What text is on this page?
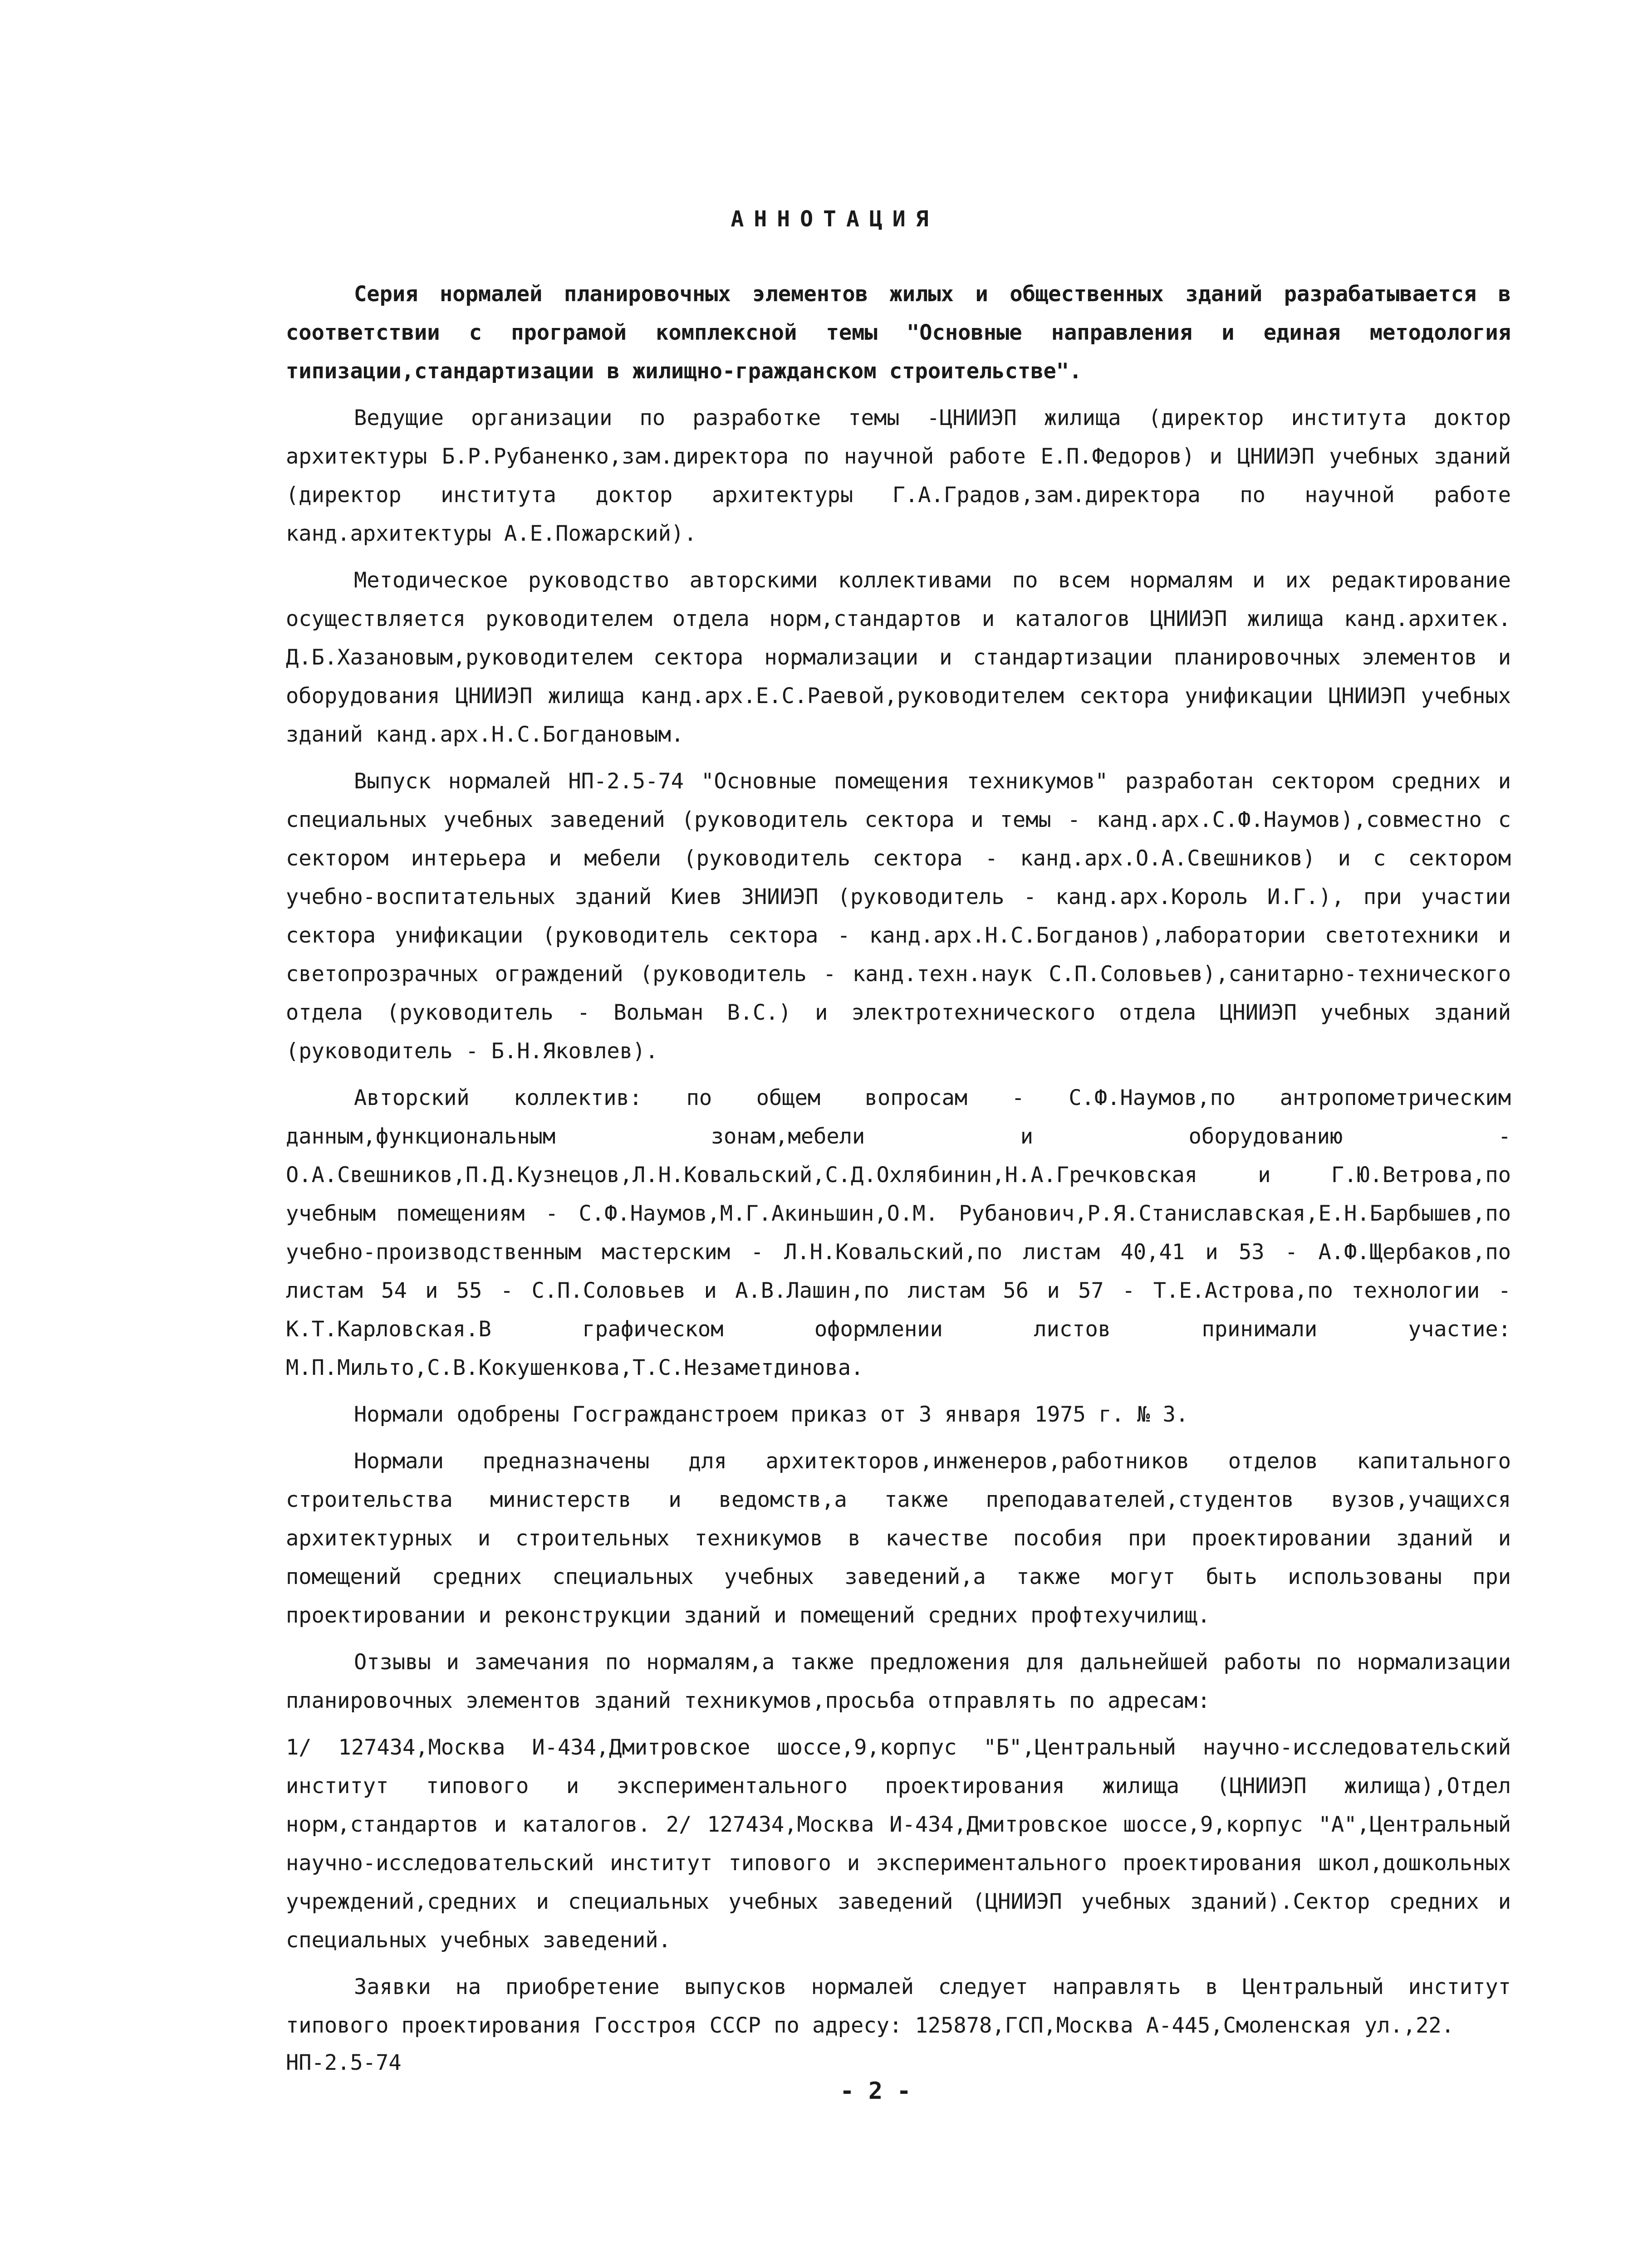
АННОТАЦИЯ

Серия нормалей планировочных элементов жилых и общественных зданий разрабатывается в соответствии с програмой комплексной темы "Основные направления и единая методология типизации,стандартизации в жилищно-гражданском строительстве".

Ведущие организации по разработке темы -ЦНИИЭП жилища (директор института доктор архитектуры Б.Р.Рубаненко,зам.директора по научной работе Е.П.Федоров) и ЦНИИЭП учебных зданий (директор института доктор архитектуры Г.А.Градов,зам.директора по научной работе канд.архитектуры А.Е.Пожарский).

Методическое руководство авторскими коллективами по всем нормалям и их редактирование осуществляется руководителем отдела норм,стандартов и каталогов ЦНИИЭП жилища канд.архитек. Д.Б.Хазановым,руководителем сектора нормализации и стандартизации планировочных элементов и оборудования ЦНИИЭП жилища канд.арх.Е.С.Раевой,руководителем сектора унификации ЦНИИЭП учебных зданий канд.арх.Н.С.Богдановым.

Выпуск нормалей НП-2.5-74 "Основные помещения техникумов" разработан сектором средних и специальных учебных заведений (руководитель сектора и темы - канд.арх.С.Ф.Наумов),совместно с сектором интерьера и мебели (руководитель сектора - канд.арх.О.А.Свешников) и с сектором учебно-воспитательных зданий Киев ЗНИИЭП (руководитель - канд.арх.Король И.Г.), при участии сектора унификации (руководитель сектора - канд.арх.Н.С.Богданов),лаборатории светотехники и светопрозрачных ограждений (руководитель - канд.техн.наук С.П.Соловьев),санитарно-технического отдела (руководитель - Вольман В.С.) и электротехнического отдела ЦНИИЭП учебных зданий (руководитель - Б.Н.Яковлев).

Авторский коллектив: по общем вопросам - С.Ф.Наумов,по антропометрическим данным,функциональным зонам,мебели и оборудованию - О.А.Свешников,П.Д.Кузнецов,Л.Н.Ковальский,С.Д.Охлябинин,Н.А.Гречковская и Г.Ю.Ветрова,по учебным помещениям - С.Ф.Наумов,М.Г.Акиньшин,О.М. Рубанович,Р.Я.Станиславская,Е.Н.Барбышев,по учебно-производственным мастерским - Л.Н.Ковальский,по листам 40,41 и 53 - А.Ф.Щербаков,по листам 54 и 55 - С.П.Соловьев и А.В.Лашин,по листам 56 и 57 - Т.Е.Астрова,по технологии - К.Т.Карловская.В графическом оформлении листов принимали участие: М.П.Мильто,С.В.Кокушенкова,Т.С.Незаметдинова.

Нормали одобрены Госгражданстроем приказ от 3 января 1975 г. № 3.

Нормали предназначены для архитекторов,инженеров,работников отделов капитального строительства министерств и ведомств,а также преподавателей,студентов вузов,учащихся архитектурных и строительных техникумов в качестве пособия при проектировании зданий и помещений средних специальных учебных заведений,а также могут быть использованы при проектировании и реконструкции зданий и помещений средних профтехучилищ.

Отзывы и замечания по нормалям,а также предложения для дальнейшей работы по нормализации планировочных элементов зданий техникумов,просьба отправлять по адресам:

1/ 127434,Москва И-434,Дмитровское шоссе,9,корпус "Б",Центральный научно-исследовательский институт типового и экспериментального проектирования жилища (ЦНИИЭП жилища),Отдел норм,стандартов и каталогов. 2/ 127434,Москва И-434,Дмитровское шоссе,9,корпус "А",Центральный научно-исследовательский институт типового и экспериментального проектирования школ,дошкольных учреждений,средних и специальных учебных заведений (ЦНИИЭП учебных зданий).Сектор средних и специальных учебных заведений.

Заявки на приобретение выпусков нормалей следует направлять в Центральный институт типового проектирования Госстроя СССР по адресу: 125878,ГСП,Москва А-445,Смоленская ул.,22.

НП-2.5-74
- 2 -
